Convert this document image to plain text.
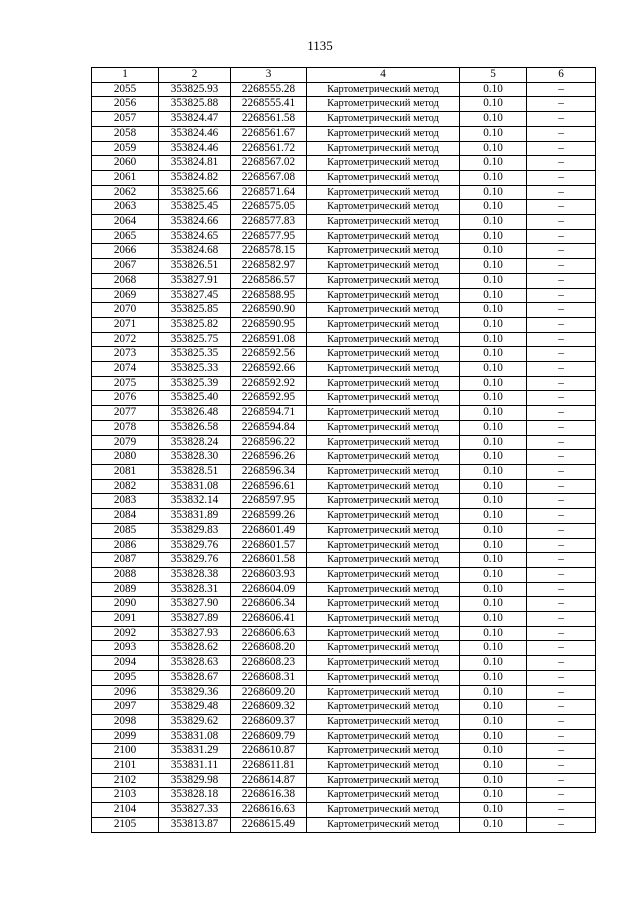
1135
1	2	3	4	5	6
2055	353825.93	2268555.28	Картометрический метод	0.10	–
2056	353825.88	2268555.41	Картометрический метод	0.10	–
2057	353824.47	2268561.58	Картометрический метод	0.10	–
2058	353824.46	2268561.67	Картометрический метод	0.10	–
2059	353824.46	2268561.72	Картометрический метод	0.10	–
2060	353824.81	2268567.02	Картометрический метод	0.10	–
2061	353824.82	2268567.08	Картометрический метод	0.10	–
2062	353825.66	2268571.64	Картометрический метод	0.10	–
2063	353825.45	2268575.05	Картометрический метод	0.10	–
2064	353824.66	2268577.83	Картометрический метод	0.10	–
2065	353824.65	2268577.95	Картометрический метод	0.10	–
2066	353824.68	2268578.15	Картометрический метод	0.10	–
2067	353826.51	2268582.97	Картометрический метод	0.10	–
2068	353827.91	2268586.57	Картометрический метод	0.10	–
2069	353827.45	2268588.95	Картометрический метод	0.10	–
2070	353825.85	2268590.90	Картометрический метод	0.10	–
2071	353825.82	2268590.95	Картометрический метод	0.10	–
2072	353825.75	2268591.08	Картометрический метод	0.10	–
2073	353825.35	2268592.56	Картометрический метод	0.10	–
2074	353825.33	2268592.66	Картометрический метод	0.10	–
2075	353825.39	2268592.92	Картометрический метод	0.10	–
2076	353825.40	2268592.95	Картометрический метод	0.10	–
2077	353826.48	2268594.71	Картометрический метод	0.10	–
2078	353826.58	2268594.84	Картометрический метод	0.10	–
2079	353828.24	2268596.22	Картометрический метод	0.10	–
2080	353828.30	2268596.26	Картометрический метод	0.10	–
2081	353828.51	2268596.34	Картометрический метод	0.10	–
2082	353831.08	2268596.61	Картометрический метод	0.10	–
2083	353832.14	2268597.95	Картометрический метод	0.10	–
2084	353831.89	2268599.26	Картометрический метод	0.10	–
2085	353829.83	2268601.49	Картометрический метод	0.10	–
2086	353829.76	2268601.57	Картометрический метод	0.10	–
2087	353829.76	2268601.58	Картометрический метод	0.10	–
2088	353828.38	2268603.93	Картометрический метод	0.10	–
2089	353828.31	2268604.09	Картометрический метод	0.10	–
2090	353827.90	2268606.34	Картометрический метод	0.10	–
2091	353827.89	2268606.41	Картометрический метод	0.10	–
2092	353827.93	2268606.63	Картометрический метод	0.10	–
2093	353828.62	2268608.20	Картометрический метод	0.10	–
2094	353828.63	2268608.23	Картометрический метод	0.10	–
2095	353828.67	2268608.31	Картометрический метод	0.10	–
2096	353829.36	2268609.20	Картометрический метод	0.10	–
2097	353829.48	2268609.32	Картометрический метод	0.10	–
2098	353829.62	2268609.37	Картометрический метод	0.10	–
2099	353831.08	2268609.79	Картометрический метод	0.10	–
2100	353831.29	2268610.87	Картометрический метод	0.10	–
2101	353831.11	2268611.81	Картометрический метод	0.10	–
2102	353829.98	2268614.87	Картометрический метод	0.10	–
2103	353828.18	2268616.38	Картометрический метод	0.10	–
2104	353827.33	2268616.63	Картометрический метод	0.10	–
2105	353813.87	2268615.49	Картометрический метод	0.10	–
